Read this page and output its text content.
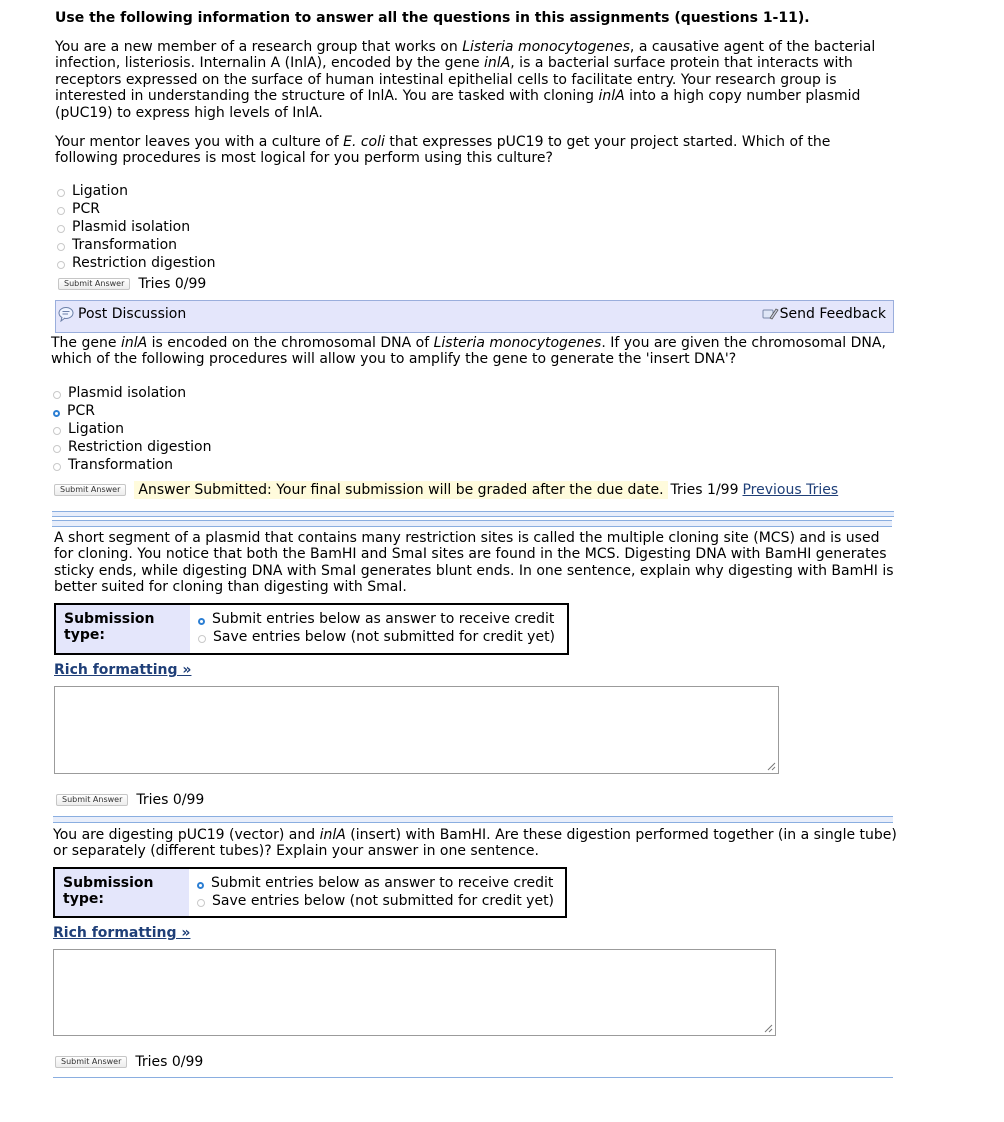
Use the following information to answer all the questions in this assignments (questions 1-11).

You are a new member of a research group that works on Listeria monocytogenes, a causative agent of the bacterial infection, listeriosis. Internalin A (InlA), encoded by the gene inlA, is a bacterial surface protein that interacts with receptors expressed on the surface of human intestinal epithelial cells to facilitate entry. Your research group is interested in understanding the structure of InlA. You are tasked with cloning inlA into a high copy number plasmid (pUC19) to express high levels of InlA.

Your mentor leaves you with a culture of E. coli that expresses pUC19 to get your project started. Which of the following procedures is most logical for you perform using this culture?

Ligation
PCR
Plasmid isolation
Transformation
Restriction digestion
Submit Answer	Tries 0/99
Post Discussion	Send Feedback

The gene inlA is encoded on the chromosomal DNA of Listeria monocytogenes. If you are given the chromosomal DNA, which of the following procedures will allow you to amplify the gene to generate the 'insert DNA'?

Plasmid isolation
PCR
Ligation
Restriction digestion
Transformation
Submit Answer	Answer Submitted: Your final submission will be graded after the due date. Tries 1/99 Previous Tries

A short segment of a plasmid that contains many restriction sites is called the multiple cloning site (MCS) and is used for cloning. You notice that both the BamHI and SmaI sites are found in the MCS. Digesting DNA with BamHI generates sticky ends, while digesting DNA with SmaI generates blunt ends. In one sentence, explain why digesting with BamHI is better suited for cloning than digesting with SmaI.

Submission type:
Submit entries below as answer to receive credit
Save entries below (not submitted for credit yet)
Rich formatting »
Submit Answer	Tries 0/99

You are digesting pUC19 (vector) and inlA (insert) with BamHI. Are these digestion performed together (in a single tube) or separately (different tubes)? Explain your answer in one sentence.

Submission type:
Submit entries below as answer to receive credit
Save entries below (not submitted for credit yet)
Rich formatting »
Submit Answer	Tries 0/99
